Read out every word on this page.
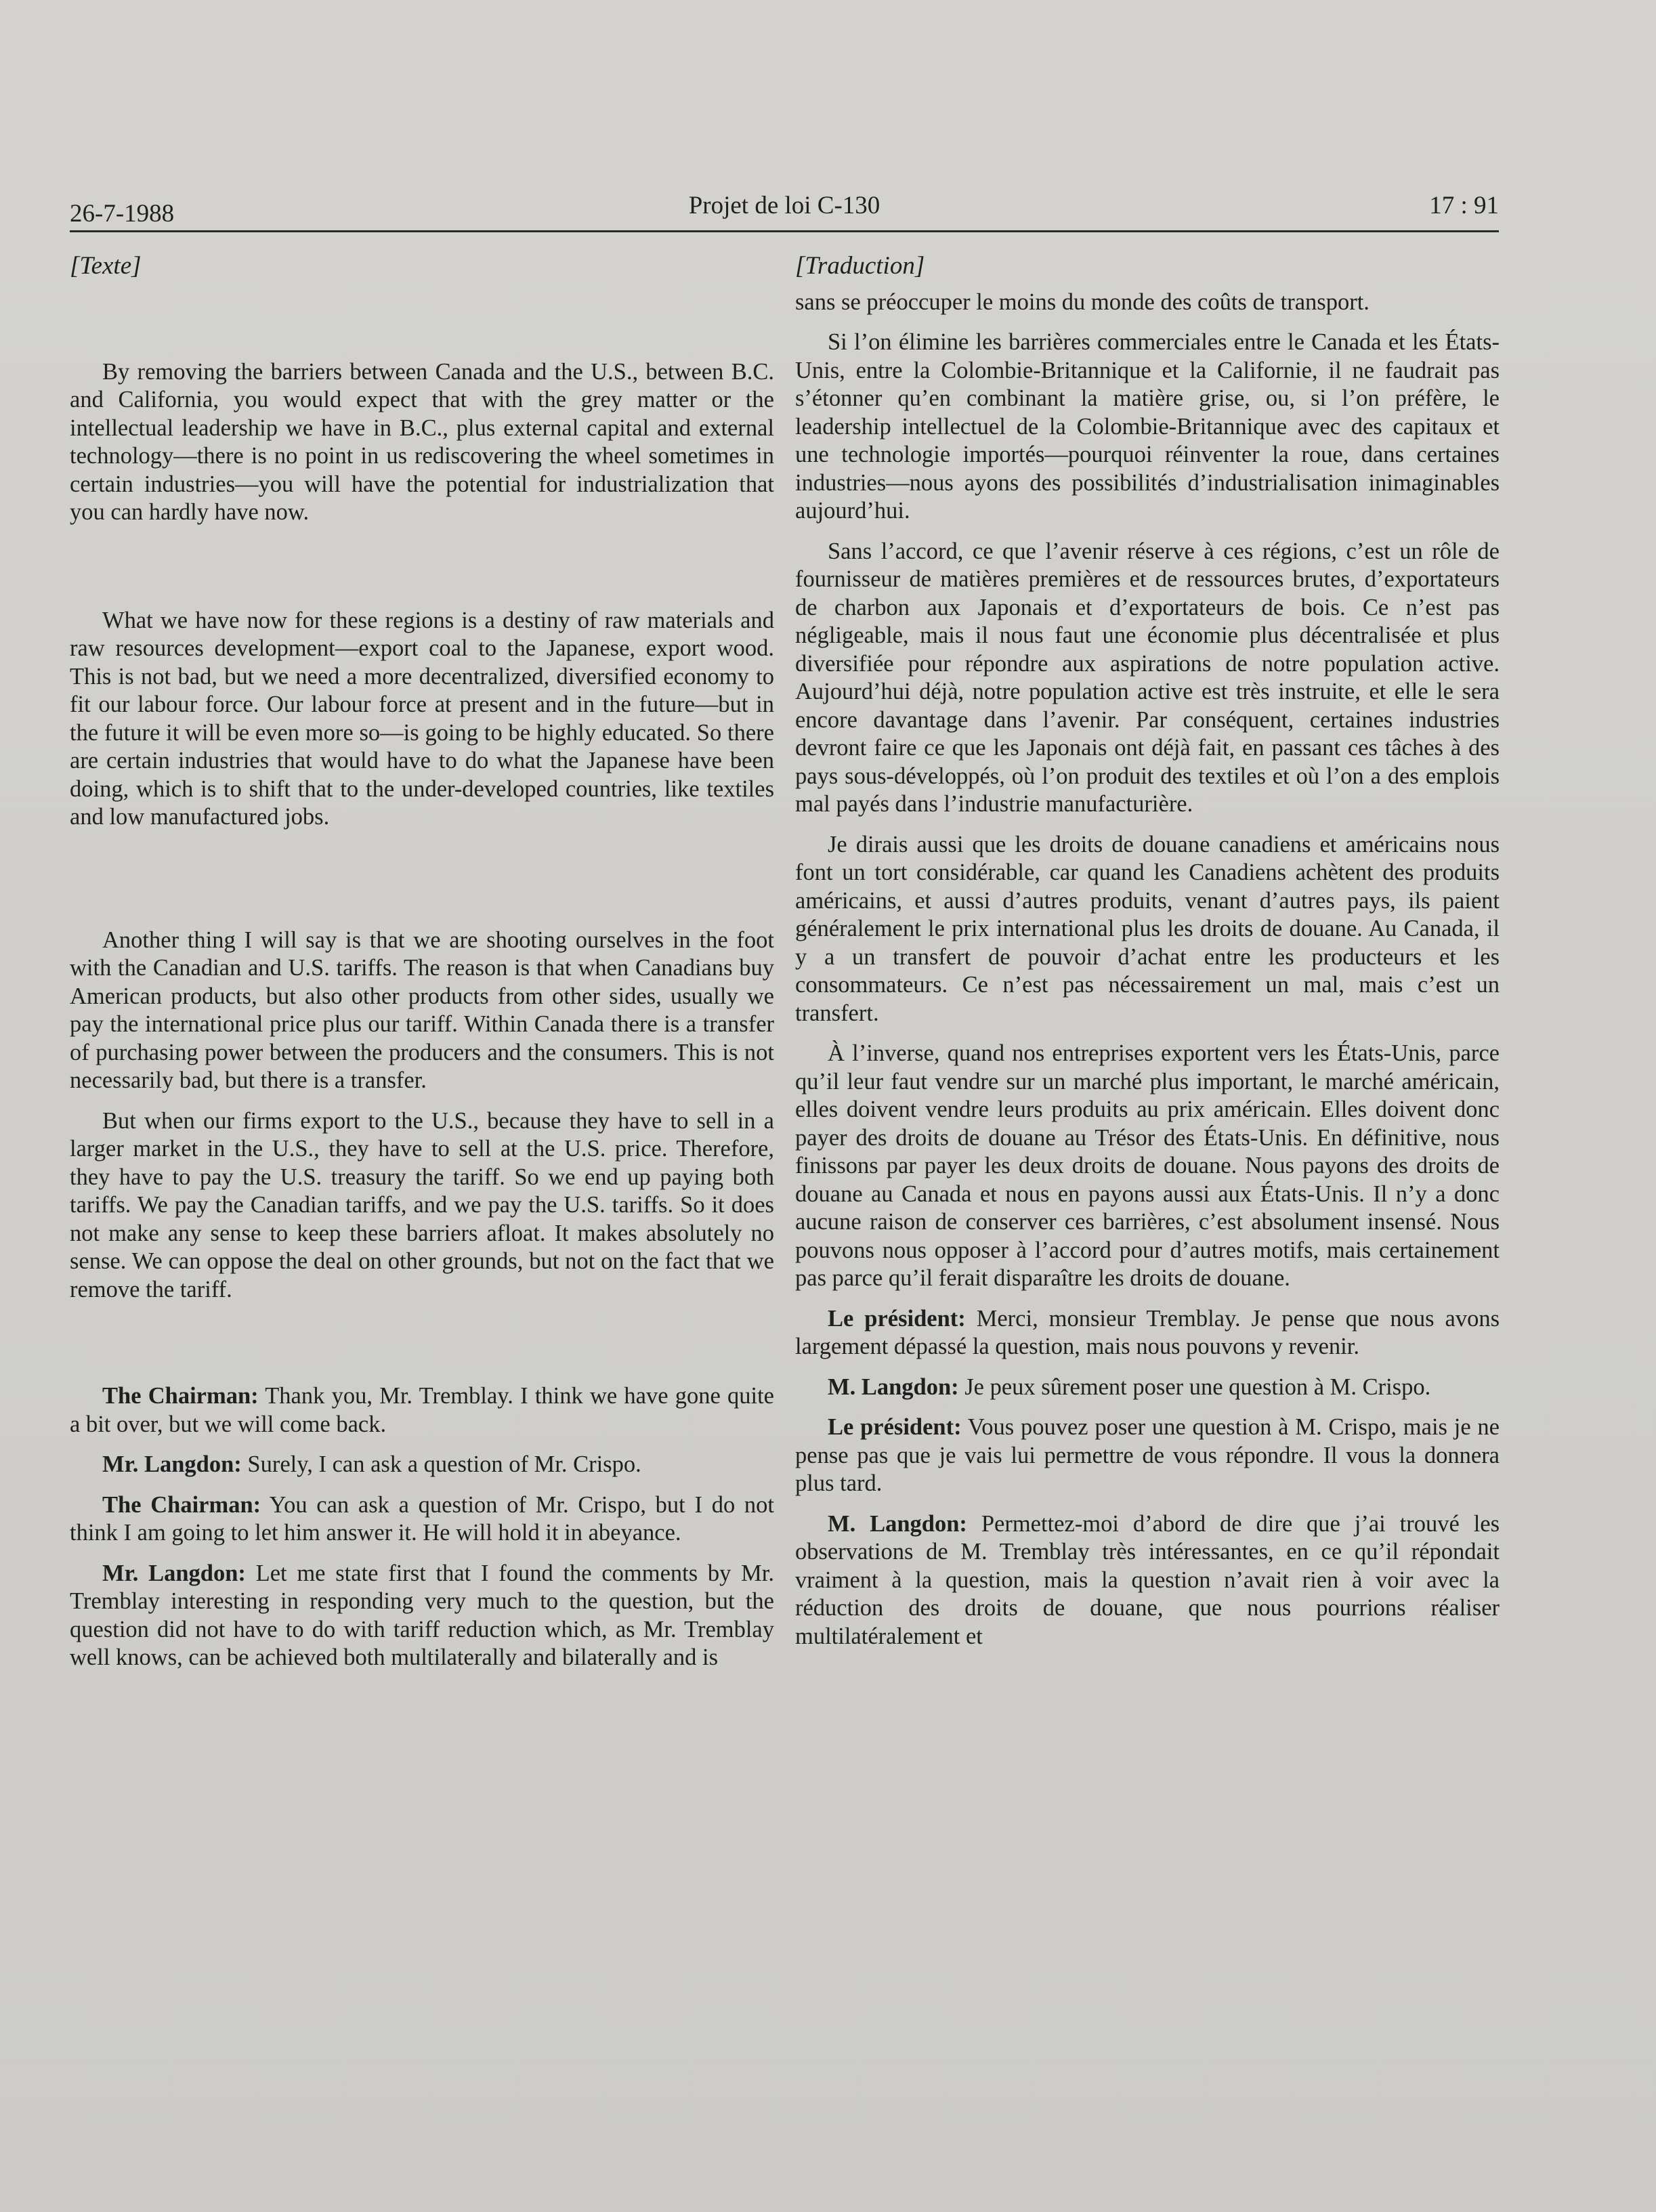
26-7-1988	Projet de loi C-130	17 : 91
[Texte]

By removing the barriers between Canada and the U.S., between B.C. and California, you would expect that with the grey matter or the intellectual leadership we have in B.C., plus external capital and external technology—there is no point in us rediscovering the wheel sometimes in certain industries—you will have the potential for industrialization that you can hardly have now.

What we have now for these regions is a destiny of raw materials and raw resources development—export coal to the Japanese, export wood. This is not bad, but we need a more decentralized, diversified economy to fit our labour force. Our labour force at present and in the future—but in the future it will be even more so—is going to be highly educated. So there are certain industries that would have to do what the Japanese have been doing, which is to shift that to the under-developed countries, like textiles and low manufactured jobs.

Another thing I will say is that we are shooting ourselves in the foot with the Canadian and U.S. tariffs. The reason is that when Canadians buy American products, but also other products from other sides, usually we pay the international price plus our tariff. Within Canada there is a transfer of purchasing power between the producers and the consumers. This is not necessarily bad, but there is a transfer.

But when our firms export to the U.S., because they have to sell in a larger market in the U.S., they have to sell at the U.S. price. Therefore, they have to pay the U.S. treasury the tariff. So we end up paying both tariffs. We pay the Canadian tariffs, and we pay the U.S. tariffs. So it does not make any sense to keep these barriers afloat. It makes absolutely no sense. We can oppose the deal on other grounds, but not on the fact that we remove the tariff.

The Chairman: Thank you, Mr. Tremblay. I think we have gone quite a bit over, but we will come back.

Mr. Langdon: Surely, I can ask a question of Mr. Crispo.

The Chairman: You can ask a question of Mr. Crispo, but I do not think I am going to let him answer it. He will hold it in abeyance.

Mr. Langdon: Let me state first that I found the comments by Mr. Tremblay interesting in responding very much to the question, but the question did not have to do with tariff reduction which, as Mr. Tremblay well knows, can be achieved both multilaterally and bilaterally and is

[Traduction]

sans se préoccuper le moins du monde des coûts de transport.

Si l’on élimine les barrières commerciales entre le Canada et les États-Unis, entre la Colombie-Britannique et la Californie, il ne faudrait pas s’étonner qu’en combinant la matière grise, ou, si l’on préfère, le leadership intellectuel de la Colombie-Britannique avec des capitaux et une technologie importés—pourquoi réinventer la roue, dans certaines industries—nous ayons des possibilités d’industrialisation inimaginables aujourd’hui.

Sans l’accord, ce que l’avenir réserve à ces régions, c’est un rôle de fournisseur de matières premières et de ressources brutes, d’exportateurs de charbon aux Japonais et d’exportateurs de bois. Ce n’est pas négligeable, mais il nous faut une économie plus décentralisée et plus diversifiée pour répondre aux aspirations de notre population active. Aujourd’hui déjà, notre population active est très instruite, et elle le sera encore davantage dans l’avenir. Par conséquent, certaines industries devront faire ce que les Japonais ont déjà fait, en passant ces tâches à des pays sous-développés, où l’on produit des textiles et où l’on a des emplois mal payés dans l’industrie manufacturière.

Je dirais aussi que les droits de douane canadiens et américains nous font un tort considérable, car quand les Canadiens achètent des produits américains, et aussi d’autres produits, venant d’autres pays, ils paient généralement le prix international plus les droits de douane. Au Canada, il y a un transfert de pouvoir d’achat entre les producteurs et les consommateurs. Ce n’est pas nécessairement un mal, mais c’est un transfert.

À l’inverse, quand nos entreprises exportent vers les États-Unis, parce qu’il leur faut vendre sur un marché plus important, le marché américain, elles doivent vendre leurs produits au prix américain. Elles doivent donc payer des droits de douane au Trésor des États-Unis. En définitive, nous finissons par payer les deux droits de douane. Nous payons des droits de douane au Canada et nous en payons aussi aux États-Unis. Il n’y a donc aucune raison de conserver ces barrières, c’est absolument insensé. Nous pouvons nous opposer à l’accord pour d’autres motifs, mais certainement pas parce qu’il ferait disparaître les droits de douane.

Le président: Merci, monsieur Tremblay. Je pense que nous avons largement dépassé la question, mais nous pouvons y revenir.

M. Langdon: Je peux sûrement poser une question à M. Crispo.

Le président: Vous pouvez poser une question à M. Crispo, mais je ne pense pas que je vais lui permettre de vous répondre. Il vous la donnera plus tard.

M. Langdon: Permettez-moi d’abord de dire que j’ai trouvé les observations de M. Tremblay très intéressantes, en ce qu’il répondait vraiment à la question, mais la question n’avait rien à voir avec la réduction des droits de douane, que nous pourrions réaliser multilatéralement et
